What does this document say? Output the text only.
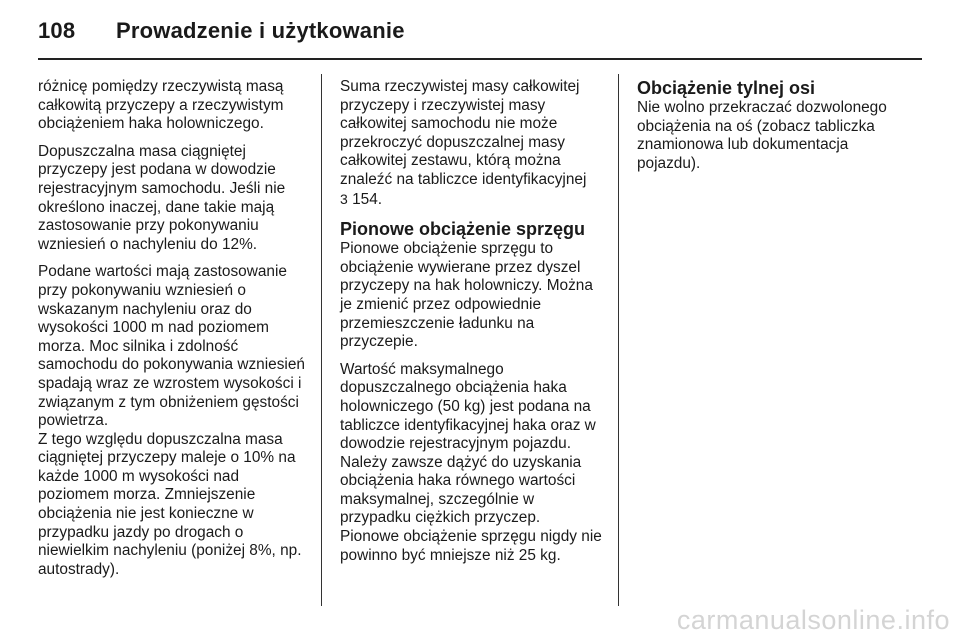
108 Prowadzenie i użytkowanie

różnicę pomiędzy rzeczywistą masą całkowitą przyczepy a rzeczywistym obciążeniem haka holowniczego.

Dopuszczalna masa ciągniętej przyczepy jest podana w dowodzie rejestracyjnym samochodu. Jeśli nie określono inaczej, dane takie mają zastosowanie przy pokonywaniu wzniesień o nachyleniu do 12%.

Podane wartości mają zastosowanie przy pokonywaniu wzniesień o wskazanym nachyleniu oraz do wysokości 1000 m nad poziomem morza. Moc silnika i zdolność samochodu do pokonywania wzniesień spadają wraz ze wzrostem wysokości i związanym z tym obniżeniem gęstości powietrza.

Z tego względu dopuszczalna masa ciągniętej przyczepy maleje o 10% na każde 1000 m wysokości nad poziomem morza. Zmniejszenie obciążenia nie jest konieczne w przypadku jazdy po drogach o niewielkim nachyleniu (poniżej 8%, np. autostrady).

Suma rzeczywistej masy całkowitej przyczepy i rzeczywistej masy całkowitej samochodu nie może przekroczyć dopuszczalnej masy całkowitej zestawu, którą można znaleźć na tabliczce identyfikacyjnej
3 154.

Pionowe obciążenie sprzęgu

Pionowe obciążenie sprzęgu to obciążenie wywierane przez dyszel przyczepy na hak holowniczy. Można je zmienić przez odpowiednie przemieszczenie ładunku na przyczepie.

Wartość maksymalnego dopuszczalnego obciążenia haka holowniczego (50 kg) jest podana na tabliczce identyfikacyjnej haka oraz w dowodzie rejestracyjnym pojazdu. Należy zawsze dążyć do uzyskania obciążenia haka równego wartości maksymalnej, szczególnie w przypadku ciężkich przyczep.

Pionowe obciążenie sprzęgu nigdy nie powinno być mniejsze niż 25 kg.

Obciążenie tylnej osi

Nie wolno przekraczać dozwolonego obciążenia na oś (zobacz tabliczka znamionowa lub dokumentacja pojazdu).

carmanualsonline.info
